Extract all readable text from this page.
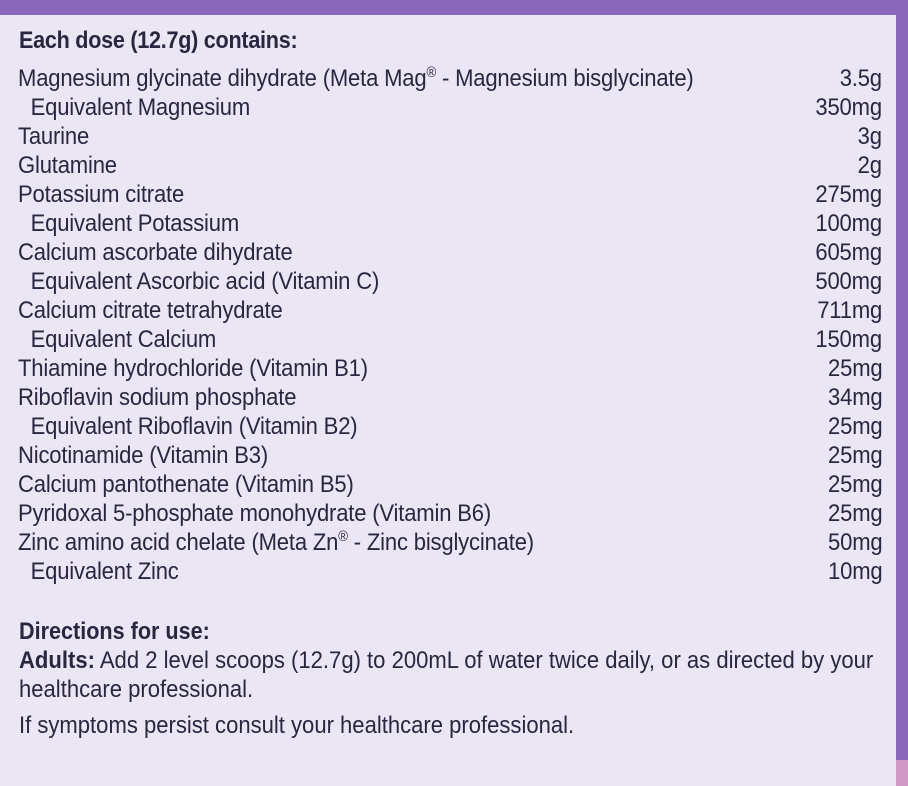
Each dose (12.7g) contains:
Magnesium glycinate dihydrate (Meta Mag® - Magnesium bisglycinate)	3.5g
Equivalent Magnesium	350mg
Taurine	3g
Glutamine	2g
Potassium citrate	275mg
Equivalent Potassium	100mg
Calcium ascorbate dihydrate	605mg
Equivalent Ascorbic acid (Vitamin C)	500mg
Calcium citrate tetrahydrate	711mg
Equivalent Calcium	150mg
Thiamine hydrochloride (Vitamin B1)	25mg
Riboflavin sodium phosphate	34mg
Equivalent Riboflavin (Vitamin B2)	25mg
Nicotinamide (Vitamin B3)	25mg
Calcium pantothenate (Vitamin B5)	25mg
Pyridoxal 5-phosphate monohydrate (Vitamin B6)	25mg
Zinc amino acid chelate (Meta Zn® - Zinc bisglycinate)	50mg
Equivalent Zinc	10mg
Directions for use:
Adults: Add 2 level scoops (12.7g) to 200mL of water twice daily, or as directed by your healthcare professional.
If symptoms persist consult your healthcare professional.
